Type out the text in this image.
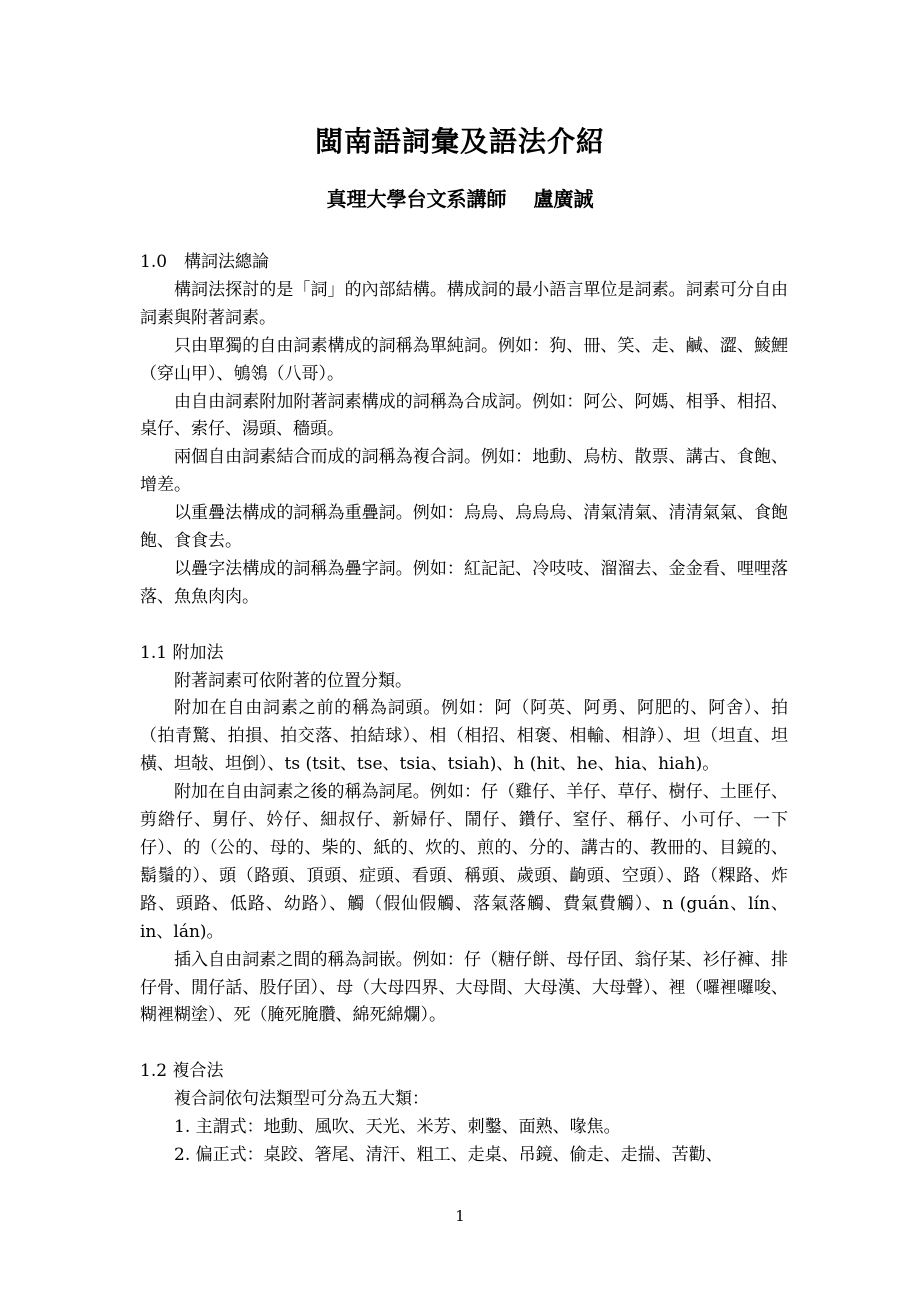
閩南語詞彙及語法介紹
真理大學台文系講師　 盧廣誠
1.0　構詞法總論

構詞法探討的是「詞」的內部結構。構成詞的最小語言單位是詞素。詞素可分自由詞素與附著詞素。

只由單獨的自由詞素構成的詞稱為單純詞。例如：狗、冊、笑、走、鹹、澀、鯪鯉（穿山甲）、鴝鴒（八哥）。

由自由詞素附加附著詞素構成的詞稱為合成詞。例如：阿公、阿媽、相爭、相招、桌仔、索仔、湯頭、穡頭。

兩個自由詞素結合而成的詞稱為複合詞。例如：地動、烏枋、散票、講古、食飽、增差。

以重疊法構成的詞稱為重疊詞。例如：烏烏、烏烏烏、清氣清氣、清清氣氣、食飽飽、食食去。

以疊字法構成的詞稱為疊字詞。例如：紅記記、冷吱吱、溜溜去、金金看、哩哩落落、魚魚肉肉。

1.1 附加法

附著詞素可依附著的位置分類。

附加在自由詞素之前的稱為詞頭。例如：阿（阿英、阿勇、阿肥的、阿舍）、拍（拍青驚、拍損、拍交落、拍結球）、相（相招、相褒、相輸、相諍）、坦（坦直、坦橫、坦敧、坦倒）、ts (tsit、tse、tsia、tsiah)、h (hit、he、hia、hiah)。

附加在自由詞素之後的稱為詞尾。例如：仔（雞仔、羊仔、草仔、樹仔、土匪仔、剪綹仔、舅仔、妗仔、細叔仔、新婦仔、鬧仔、鑽仔、窒仔、稱仔、小可仔、一下仔）、的（公的、母的、柴的、紙的、炊的、煎的、分的、講古的、教冊的、目鏡的、鬍鬚的）、頭（路頭、頂頭、症頭、看頭、稱頭、歲頭、齣頭、空頭）、路（粿路、炸路、頭路、低路、幼路）、觸（假仙假觸、落氣落觸、費氣費觸）、n (guán、lín、in、lán)。

插入自由詞素之間的稱為詞嵌。例如：仔（糖仔餅、母仔囝、翁仔某、衫仔褲、排仔骨、閒仔話、股仔囝）、母（大母四界、大母間、大母漢、大母聲）、裡（囉裡囉唆、糊裡糊塗）、死（腌死腌臢、綿死綿爛）。

1.2 複合法

複合詞依句法類型可分為五大類：

1. 主謂式：地動、風吹、天光、米芳、刺鑿、面熟、喙焦。

2. 偏正式：桌跤、箸尾、清汗、粗工、走桌、吊鏡、偷走、走揣、苦勸、

1
